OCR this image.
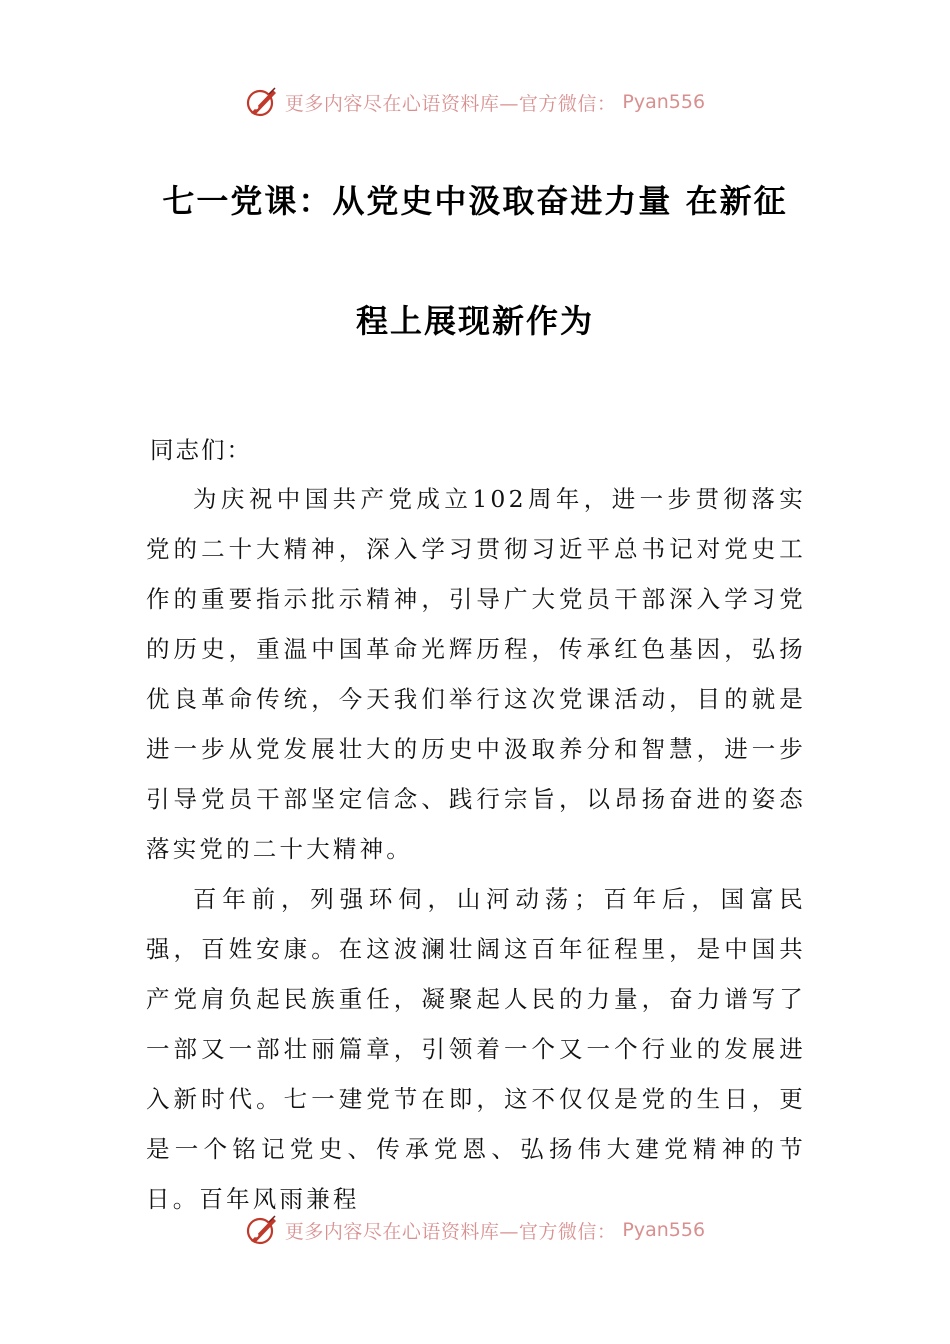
更多内容尽在心语资料库—官方微信： Pyan556
七一党课：从党史中汲取奋进力量 在新征
程上展现新作为
同志们：

为庆祝中国共产党成立102周年，进一步贯彻落实党的二十大精神，深入学习贯彻习近平总书记对党史工作的重要指示批示精神，引导广大党员干部深入学习党的历史，重温中国革命光辉历程，传承红色基因，弘扬优良革命传统，今天我们举行这次党课活动，目的就是进一步从党发展壮大的历史中汲取养分和智慧，进一步引导党员干部坚定信念、践行宗旨，以昂扬奋进的姿态落实党的二十大精神。

百年前，列强环伺，山河动荡；百年后，国富民强，百姓安康。在这波澜壮阔这百年征程里，是中国共产党肩负起民族重任，凝聚起人民的力量，奋力谱写了一部又一部壮丽篇章，引领着一个又一个行业的发展进入新时代。七一建党节在即，这不仅仅是党的生日，更是一个铭记党史、传承党恩、弘扬伟大建党精神的节日。百年风雨兼程

更多内容尽在心语资料库—官方微信： Pyan556
